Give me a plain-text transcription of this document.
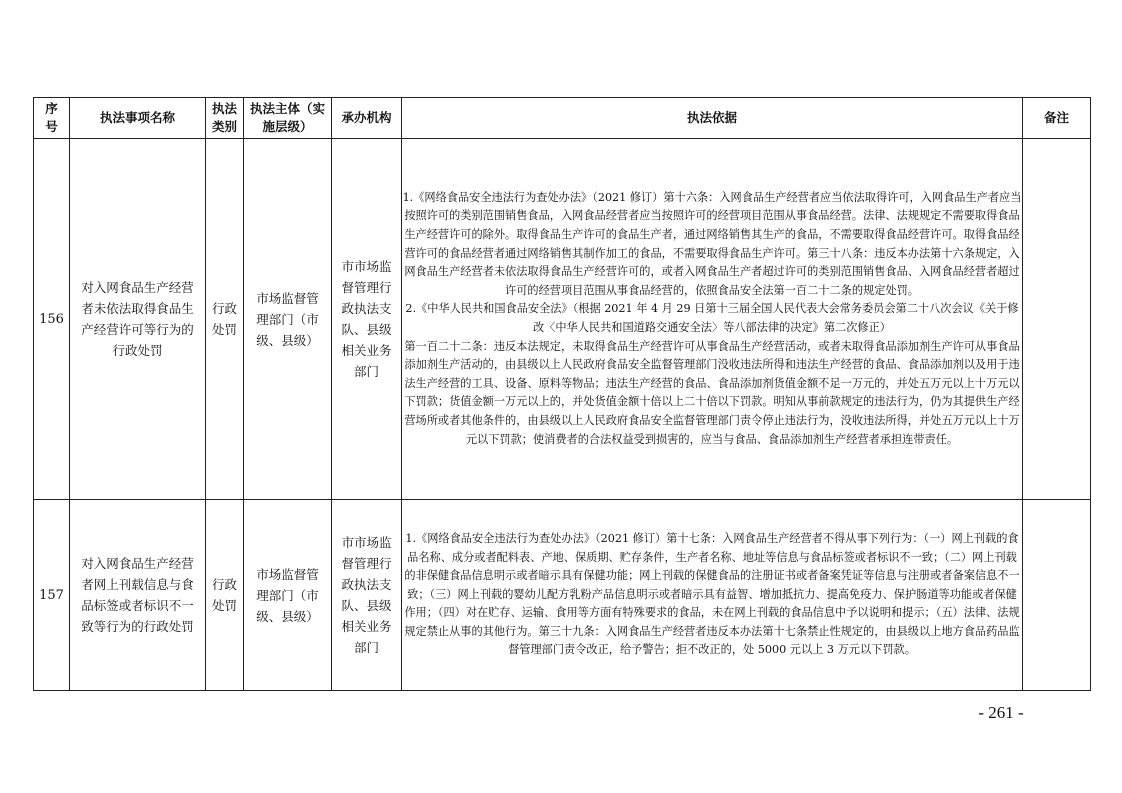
序号	执法事项名称	执法类别	执法主体（实施层级）	承办机构	执法依据	备注
156	对入网食品生产经营者未依法取得食品生产经营许可等行为的行政处罚	行政处罚	市场监督管理部门（市级、县级）	市市场监督管理行政执法支队、县级相关业务部门	1.《网络食品安全违法行为查处办法》（2021 修订）第十六条：入网食品生产经营者应当依法取得许可，入网食品生产者应当按照许可的类别范围销售食品，入网食品经营者应当按照许可的经营项目范围从事食品经营。法律、法规规定不需要取得食品生产经营许可的除外。取得食品生产许可的食品生产者，通过网络销售其生产的食品，不需要取得食品经营许可。取得食品经营许可的食品经营者通过网络销售其制作加工的食品，不需要取得食品生产许可。第三十八条：违反本办法第十六条规定，入网食品生产经营者未依法取得食品生产经营许可的，或者入网食品生产者超过许可的类别范围销售食品、入网食品经营者超过许可的经营项目范围从事食品经营的，依照食品安全法第一百二十二条的规定处罚。

2.《中华人民共和国食品安全法》（根据 2021 年 4 月 29 日第十三届全国人民代表大会常务委员会第二十八次会议《关于修改〈中华人民共和国道路交通安全法〉等八部法律的决定》第二次修正）

第一百二十二条：违反本法规定，未取得食品生产经营许可从事食品生产经营活动，或者未取得食品添加剂生产许可从事食品添加剂生产活动的，由县级以上人民政府食品安全监督管理部门没收违法所得和违法生产经营的食品、食品添加剂以及用于违法生产经营的工具、设备、原料等物品；违法生产经营的食品、食品添加剂货值金额不足一万元的，并处五万元以上十万元以下罚款；货值金额一万元以上的，并处货值金额十倍以上二十倍以下罚款。明知从事前款规定的违法行为，仍为其提供生产经营场所或者其他条件的，由县级以上人民政府食品安全监督管理部门责令停止违法行为，没收违法所得，并处五万元以上十万元以下罚款；使消费者的合法权益受到损害的，应当与食品、食品添加剂生产经营者承担连带责任。	

157	对入网食品生产经营者网上刊载信息与食品标签或者标识不一致等行为的行政处罚	行政处罚	市场监督管理部门（市级、县级）	市市场监督管理行政执法支队、县级相关业务部门	1.《网络食品安全违法行为查处办法》（2021 修订）第十七条：入网食品生产经营者不得从事下列行为：（一）网上刊载的食品名称、成分或者配料表、产地、保质期、贮存条件，生产者名称、地址等信息与食品标签或者标识不一致；（二）网上刊载的非保健食品信息明示或者暗示具有保健功能；网上刊载的保健食品的注册证书或者备案凭证等信息与注册或者备案信息不一致；（三）网上刊载的婴幼儿配方乳粉产品信息明示或者暗示具有益智、增加抵抗力、提高免疫力、保护肠道等功能或者保健作用；（四）对在贮存、运输、食用等方面有特殊要求的食品，未在网上刊载的食品信息中予以说明和提示；（五）法律、法规规定禁止从事的其他行为。第三十九条：入网食品生产经营者违反本办法第十七条禁止性规定的，由县级以上地方食品药品监督管理部门责令改正，给予警告；拒不改正的，处 5000 元以上 3 万元以下罚款。	

- 261 -
